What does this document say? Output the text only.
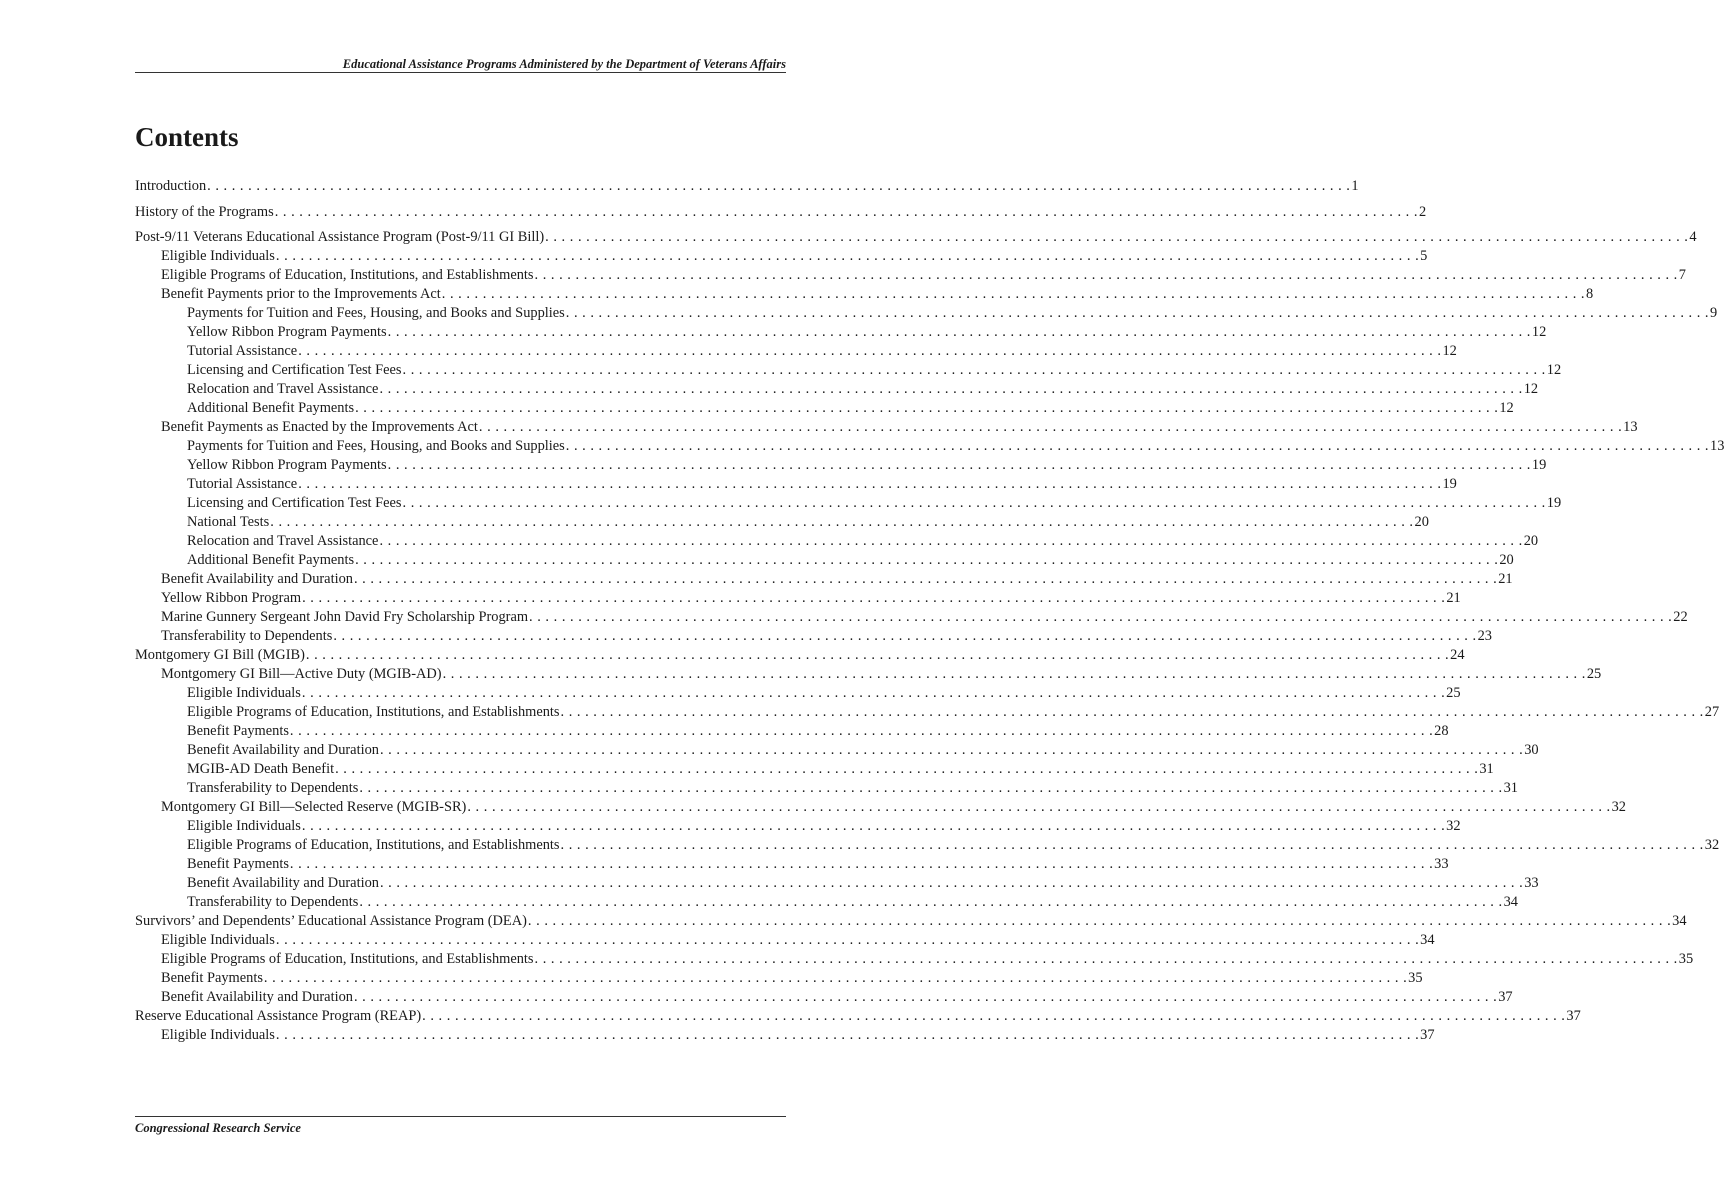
Educational Assistance Programs Administered by the Department of Veterans Affairs
Contents
Introduction . . . . . . . . . . . . . . . . . . . . . . . . . . . . . . . . . . . . . . . . . . . . . . . . . . . . . . . . . . . . . . . . . . . . . . . . . . . . . . . . . . . . . . . . . . . . . . . . . . . . . . . . . . . . . . . . . . . . . . . . . . . . . . . . . . . . . . . . . . . . 1
History of the Programs . . . . . . . . . . . . . . . . . . . . . . . . . . . . . . . . . . . . . . . . . . . . . . . . . . . . . . . . . . . . . . . . . . . . . . . . . . . . . . . . . . . . . . . . . . . . . . . . . . . . . . . . . . . . . . . . . . . . . . . . . . . . . . . . . . . . . . . . . . . . 2
Post-9/11 Veterans Educational Assistance Program (Post-9/11 GI Bill) . . . . . . . . . . . . . . . . . . . . . . . . . . . . . . . . . . . . . . . . . . . . . . . . . . . . . . . . . . . . . . . . . . . . . . . . . . . . . . . . . . . . . . . . . . . . . . . . . . . . . . . . . . . . . . . . . . . . . . . . . . . . . . . . . . . . . . . . . . . . 4
Eligible Individuals . . . . . . . . . . . . . . . . . . . . . . . . . . . . . . . . . . . . . . . . . . . . . . . . . . . . . . . . . . . . . . . . . . . . . . . . . . . . . . . . . . . . . . . . . . . . . . . . . . . . . . . . . . . . . . . . . . . . . . . . . . . . . . . . . . . . . . . . . . . . 5
Eligible Programs of Education, Institutions, and Establishments . . . . . . . . . . . . . . . . . . . . . . . . . . . . . . . . . . . . . . . . . . . . . . . . . . . . . . . . . . . . . . . . . . . . . . . . . . . . . . . . . . . . . . . . . . . . . . . . . . . . . . . . . . . . . . . . . . . . . . . . . . . . . . . . . . . . . . . . . . . . 7
Benefit Payments prior to the Improvements Act . . . . . . . . . . . . . . . . . . . . . . . . . . . . . . . . . . . . . . . . . . . . . . . . . . . . . . . . . . . . . . . . . . . . . . . . . . . . . . . . . . . . . . . . . . . . . . . . . . . . . . . . . . . . . . . . . . . . . . . . . . . . . . . . . . . . . . . . . . . . 8
Payments for Tuition and Fees, Housing, and Books and Supplies . . . . . . . . . . . . . . . . . . . . . . . . . . . . . . . . . . . . . . . . . . . . . . . . . . . . . . . . . . . . . . . . . . . . . . . . . . . . . . . . . . . . . . . . . . . . . . . . . . . . . . . . . . . . . . . . . . . . . . . . . . . . . . . . . . . . . . . . . . . . 9
Yellow Ribbon Program Payments . . . . . . . . . . . . . . . . . . . . . . . . . . . . . . . . . . . . . . . . . . . . . . . . . . . . . . . . . . . . . . . . . . . . . . . . . . . . . . . . . . . . . . . . . . . . . . . . . . . . . . . . . . . . . . . . . . . . . . . . . . . . . . . . . . . . . . . . . . . . 12
Tutorial Assistance . . . . . . . . . . . . . . . . . . . . . . . . . . . . . . . . . . . . . . . . . . . . . . . . . . . . . . . . . . . . . . . . . . . . . . . . . . . . . . . . . . . . . . . . . . . . . . . . . . . . . . . . . . . . . . . . . . . . . . . . . . . . . . . . . . . . . . . . . . . . 12
Licensing and Certification Test Fees . . . . . . . . . . . . . . . . . . . . . . . . . . . . . . . . . . . . . . . . . . . . . . . . . . . . . . . . . . . . . . . . . . . . . . . . . . . . . . . . . . . . . . . . . . . . . . . . . . . . . . . . . . . . . . . . . . . . . . . . . . . . . . . . . . . . . . . . . . . . 12
Relocation and Travel Assistance . . . . . . . . . . . . . . . . . . . . . . . . . . . . . . . . . . . . . . . . . . . . . . . . . . . . . . . . . . . . . . . . . . . . . . . . . . . . . . . . . . . . . . . . . . . . . . . . . . . . . . . . . . . . . . . . . . . . . . . . . . . . . . . . . . . . . . . . . . . . 12
Additional Benefit Payments . . . . . . . . . . . . . . . . . . . . . . . . . . . . . . . . . . . . . . . . . . . . . . . . . . . . . . . . . . . . . . . . . . . . . . . . . . . . . . . . . . . . . . . . . . . . . . . . . . . . . . . . . . . . . . . . . . . . . . . . . . . . . . . . . . . . . . . . . . . . 12
Benefit Payments as Enacted by the Improvements Act . . . . . . . . . . . . . . . . . . . . . . . . . . . . . . . . . . . . . . . . . . . . . . . . . . . . . . . . . . . . . . . . . . . . . . . . . . . . . . . . . . . . . . . . . . . . . . . . . . . . . . . . . . . . . . . . . . . . . . . . . . . . . . . . . . . . . . . . . . . . 13
Payments for Tuition and Fees, Housing, and Books and Supplies . . . . . . . . . . . . . . . . . . . . . . . . . . . . . . . . . . . . . . . . . . . . . . . . . . . . . . . . . . . . . . . . . . . . . . . . . . . . . . . . . . . . . . . . . . . . . . . . . . . . . . . . . . . . . . . . . . . . . . . . . . . . . . . . . . . . . . . . . . . . 13
Yellow Ribbon Program Payments . . . . . . . . . . . . . . . . . . . . . . . . . . . . . . . . . . . . . . . . . . . . . . . . . . . . . . . . . . . . . . . . . . . . . . . . . . . . . . . . . . . . . . . . . . . . . . . . . . . . . . . . . . . . . . . . . . . . . . . . . . . . . . . . . . . . . . . . . . . . 19
Tutorial Assistance . . . . . . . . . . . . . . . . . . . . . . . . . . . . . . . . . . . . . . . . . . . . . . . . . . . . . . . . . . . . . . . . . . . . . . . . . . . . . . . . . . . . . . . . . . . . . . . . . . . . . . . . . . . . . . . . . . . . . . . . . . . . . . . . . . . . . . . . . . . . 19
Licensing and Certification Test Fees . . . . . . . . . . . . . . . . . . . . . . . . . . . . . . . . . . . . . . . . . . . . . . . . . . . . . . . . . . . . . . . . . . . . . . . . . . . . . . . . . . . . . . . . . . . . . . . . . . . . . . . . . . . . . . . . . . . . . . . . . . . . . . . . . . . . . . . . . . . . 19
National Tests . . . . . . . . . . . . . . . . . . . . . . . . . . . . . . . . . . . . . . . . . . . . . . . . . . . . . . . . . . . . . . . . . . . . . . . . . . . . . . . . . . . . . . . . . . . . . . . . . . . . . . . . . . . . . . . . . . . . . . . . . . . . . . . . . . . . . . . . . . . . 20
Relocation and Travel Assistance . . . . . . . . . . . . . . . . . . . . . . . . . . . . . . . . . . . . . . . . . . . . . . . . . . . . . . . . . . . . . . . . . . . . . . . . . . . . . . . . . . . . . . . . . . . . . . . . . . . . . . . . . . . . . . . . . . . . . . . . . . . . . . . . . . . . . . . . . . . . 20
Additional Benefit Payments . . . . . . . . . . . . . . . . . . . . . . . . . . . . . . . . . . . . . . . . . . . . . . . . . . . . . . . . . . . . . . . . . . . . . . . . . . . . . . . . . . . . . . . . . . . . . . . . . . . . . . . . . . . . . . . . . . . . . . . . . . . . . . . . . . . . . . . . . . . . 20
Benefit Availability and Duration . . . . . . . . . . . . . . . . . . . . . . . . . . . . . . . . . . . . . . . . . . . . . . . . . . . . . . . . . . . . . . . . . . . . . . . . . . . . . . . . . . . . . . . . . . . . . . . . . . . . . . . . . . . . . . . . . . . . . . . . . . . . . . . . . . . . . . . . . . . . 21
Yellow Ribbon Program . . . . . . . . . . . . . . . . . . . . . . . . . . . . . . . . . . . . . . . . . . . . . . . . . . . . . . . . . . . . . . . . . . . . . . . . . . . . . . . . . . . . . . . . . . . . . . . . . . . . . . . . . . . . . . . . . . . . . . . . . . . . . . . . . . . . . . . . . . . . 21
Marine Gunnery Sergeant John David Fry Scholarship Program . . . . . . . . . . . . . . . . . . . . . . . . . . . . . . . . . . . . . . . . . . . . . . . . . . . . . . . . . . . . . . . . . . . . . . . . . . . . . . . . . . . . . . . . . . . . . . . . . . . . . . . . . . . . . . . . . . . . . . . . . . . . . . . . . . . . . . . . . . . . 22
Transferability to Dependents . . . . . . . . . . . . . . . . . . . . . . . . . . . . . . . . . . . . . . . . . . . . . . . . . . . . . . . . . . . . . . . . . . . . . . . . . . . . . . . . . . . . . . . . . . . . . . . . . . . . . . . . . . . . . . . . . . . . . . . . . . . . . . . . . . . . . . . . . . . . 23
Montgomery GI Bill (MGIB) . . . . . . . . . . . . . . . . . . . . . . . . . . . . . . . . . . . . . . . . . . . . . . . . . . . . . . . . . . . . . . . . . . . . . . . . . . . . . . . . . . . . . . . . . . . . . . . . . . . . . . . . . . . . . . . . . . . . . . . . . . . . . . . . . . . . . . . . . . . . 24
Montgomery GI Bill—Active Duty (MGIB-AD) . . . . . . . . . . . . . . . . . . . . . . . . . . . . . . . . . . . . . . . . . . . . . . . . . . . . . . . . . . . . . . . . . . . . . . . . . . . . . . . . . . . . . . . . . . . . . . . . . . . . . . . . . . . . . . . . . . . . . . . . . . . . . . . . . . . . . . . . . . . . 25
Eligible Individuals . . . . . . . . . . . . . . . . . . . . . . . . . . . . . . . . . . . . . . . . . . . . . . . . . . . . . . . . . . . . . . . . . . . . . . . . . . . . . . . . . . . . . . . . . . . . . . . . . . . . . . . . . . . . . . . . . . . . . . . . . . . . . . . . . . . . . . . . . . . . 25
Eligible Programs of Education, Institutions, and Establishments . . . . . . . . . . . . . . . . . . . . . . . . . . . . . . . . . . . . . . . . . . . . . . . . . . . . . . . . . . . . . . . . . . . . . . . . . . . . . . . . . . . . . . . . . . . . . . . . . . . . . . . . . . . . . . . . . . . . . . . . . . . . . . . . . . . . . . . . . . . . 27
Benefit Payments . . . . . . . . . . . . . . . . . . . . . . . . . . . . . . . . . . . . . . . . . . . . . . . . . . . . . . . . . . . . . . . . . . . . . . . . . . . . . . . . . . . . . . . . . . . . . . . . . . . . . . . . . . . . . . . . . . . . . . . . . . . . . . . . . . . . . . . . . . . . 28
Benefit Availability and Duration . . . . . . . . . . . . . . . . . . . . . . . . . . . . . . . . . . . . . . . . . . . . . . . . . . . . . . . . . . . . . . . . . . . . . . . . . . . . . . . . . . . . . . . . . . . . . . . . . . . . . . . . . . . . . . . . . . . . . . . . . . . . . . . . . . . . . . . . . . . . 30
MGIB-AD Death Benefit . . . . . . . . . . . . . . . . . . . . . . . . . . . . . . . . . . . . . . . . . . . . . . . . . . . . . . . . . . . . . . . . . . . . . . . . . . . . . . . . . . . . . . . . . . . . . . . . . . . . . . . . . . . . . . . . . . . . . . . . . . . . . . . . . . . . . . . . . . . . 31
Transferability to Dependents . . . . . . . . . . . . . . . . . . . . . . . . . . . . . . . . . . . . . . . . . . . . . . . . . . . . . . . . . . . . . . . . . . . . . . . . . . . . . . . . . . . . . . . . . . . . . . . . . . . . . . . . . . . . . . . . . . . . . . . . . . . . . . . . . . . . . . . . . . . . 31
Montgomery GI Bill—Selected Reserve (MGIB-SR) . . . . . . . . . . . . . . . . . . . . . . . . . . . . . . . . . . . . . . . . . . . . . . . . . . . . . . . . . . . . . . . . . . . . . . . . . . . . . . . . . . . . . . . . . . . . . . . . . . . . . . . . . . . . . . . . . . . . . . . . . . . . . . . . . . . . . . . . . . . . 32
Eligible Individuals . . . . . . . . . . . . . . . . . . . . . . . . . . . . . . . . . . . . . . . . . . . . . . . . . . . . . . . . . . . . . . . . . . . . . . . . . . . . . . . . . . . . . . . . . . . . . . . . . . . . . . . . . . . . . . . . . . . . . . . . . . . . . . . . . . . . . . . . . . . . 32
Eligible Programs of Education, Institutions, and Establishments . . . . . . . . . . . . . . . . . . . . . . . . . . . . . . . . . . . . . . . . . . . . . . . . . . . . . . . . . . . . . . . . . . . . . . . . . . . . . . . . . . . . . . . . . . . . . . . . . . . . . . . . . . . . . . . . . . . . . . . . . . . . . . . . . . . . . . . . . . . . 32
Benefit Payments . . . . . . . . . . . . . . . . . . . . . . . . . . . . . . . . . . . . . . . . . . . . . . . . . . . . . . . . . . . . . . . . . . . . . . . . . . . . . . . . . . . . . . . . . . . . . . . . . . . . . . . . . . . . . . . . . . . . . . . . . . . . . . . . . . . . . . . . . . . . 33
Benefit Availability and Duration . . . . . . . . . . . . . . . . . . . . . . . . . . . . . . . . . . . . . . . . . . . . . . . . . . . . . . . . . . . . . . . . . . . . . . . . . . . . . . . . . . . . . . . . . . . . . . . . . . . . . . . . . . . . . . . . . . . . . . . . . . . . . . . . . . . . . . . . . . . . 33
Transferability to Dependents . . . . . . . . . . . . . . . . . . . . . . . . . . . . . . . . . . . . . . . . . . . . . . . . . . . . . . . . . . . . . . . . . . . . . . . . . . . . . . . . . . . . . . . . . . . . . . . . . . . . . . . . . . . . . . . . . . . . . . . . . . . . . . . . . . . . . . . . . . . . 34
Survivors’ and Dependents’ Educational Assistance Program (DEA) . . . . . . . . . . . . . . . . . . . . . . . . . . . . . . . . . . . . . . . . . . . . . . . . . . . . . . . . . . . . . . . . . . . . . . . . . . . . . . . . . . . . . . . . . . . . . . . . . . . . . . . . . . . . . . . . . . . . . . . . . . . . . . . . . . . . . . . . . . . . 34
Eligible Individuals . . . . . . . . . . . . . . . . . . . . . . . . . . . . . . . . . . . . . . . . . . . . . . . . . . . . . . . . . . . . . . . . . . . . . . . . . . . . . . . . . . . . . . . . . . . . . . . . . . . . . . . . . . . . . . . . . . . . . . . . . . . . . . . . . . . . . . . . . . . . 34
Eligible Programs of Education, Institutions, and Establishments . . . . . . . . . . . . . . . . . . . . . . . . . . . . . . . . . . . . . . . . . . . . . . . . . . . . . . . . . . . . . . . . . . . . . . . . . . . . . . . . . . . . . . . . . . . . . . . . . . . . . . . . . . . . . . . . . . . . . . . . . . . . . . . . . . . . . . . . . . . . 35
Benefit Payments . . . . . . . . . . . . . . . . . . . . . . . . . . . . . . . . . . . . . . . . . . . . . . . . . . . . . . . . . . . . . . . . . . . . . . . . . . . . . . . . . . . . . . . . . . . . . . . . . . . . . . . . . . . . . . . . . . . . . . . . . . . . . . . . . . . . . . . . . . . . 35
Benefit Availability and Duration . . . . . . . . . . . . . . . . . . . . . . . . . . . . . . . . . . . . . . . . . . . . . . . . . . . . . . . . . . . . . . . . . . . . . . . . . . . . . . . . . . . . . . . . . . . . . . . . . . . . . . . . . . . . . . . . . . . . . . . . . . . . . . . . . . . . . . . . . . . . 37
Reserve Educational Assistance Program (REAP) . . . . . . . . . . . . . . . . . . . . . . . . . . . . . . . . . . . . . . . . . . . . . . . . . . . . . . . . . . . . . . . . . . . . . . . . . . . . . . . . . . . . . . . . . . . . . . . . . . . . . . . . . . . . . . . . . . . . . . . . . . . . . . . . . . . . . . . . . . . . 37
Eligible Individuals . . . . . . . . . . . . . . . . . . . . . . . . . . . . . . . . . . . . . . . . . . . . . . . . . . . . . . . . . . . . . . . . . . . . . . . . . . . . . . . . . . . . . . . . . . . . . . . . . . . . . . . . . . . . . . . . . . . . . . . . . . . . . . . . . . . . . . . . . . . . 37
Congressional Research Service
